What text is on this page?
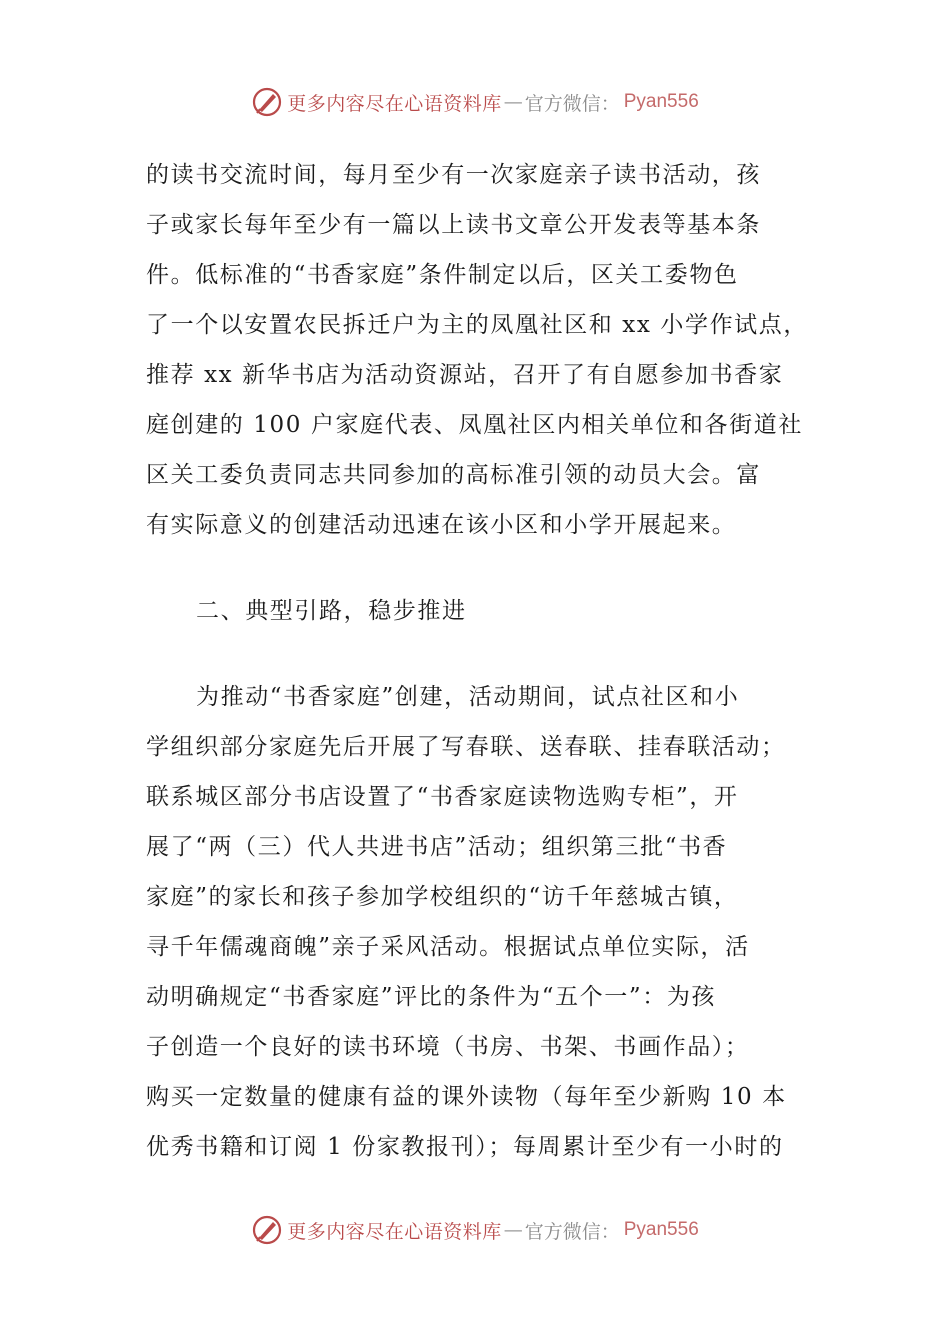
更多内容尽在心语资料库 — 官方微信： Pyan556
的读书交流时间，每月至少有一次家庭亲子读书活动，孩
子或家长每年至少有一篇以上读书文章公开发表等基本条
件。低标准的“书香家庭”条件制定以后，区关工委物色
了一个以安置农民拆迁户为主的凤凰社区和 xx 小学作试点，
推荐 xx 新华书店为活动资源站，召开了有自愿参加书香家
庭创建的 100 户家庭代表、凤凰社区内相关单位和各街道社
区关工委负责同志共同参加的高标准引领的动员大会。富
有实际意义的创建活动迅速在该小区和小学开展起来。
二、典型引路，稳步推进
为推动“书香家庭”创建，活动期间，试点社区和小
学组织部分家庭先后开展了写春联、送春联、挂春联活动；
联系城区部分书店设置了“书香家庭读物选购专柜”，开
展了“两（三）代人共进书店”活动；组织第三批“书香
家庭”的家长和孩子参加学校组织的“访千年慈城古镇，
寻千年儒魂商魄”亲子采风活动。根据试点单位实际，活
动明确规定“书香家庭”评比的条件为“五个一”：为孩
子创造一个良好的读书环境（书房、书架、书画作品）；
购买一定数量的健康有益的课外读物（每年至少新购 10 本
优秀书籍和订阅 1 份家教报刊）；每周累计至少有一小时的
更多内容尽在心语资料库 — 官方微信： Pyan556
